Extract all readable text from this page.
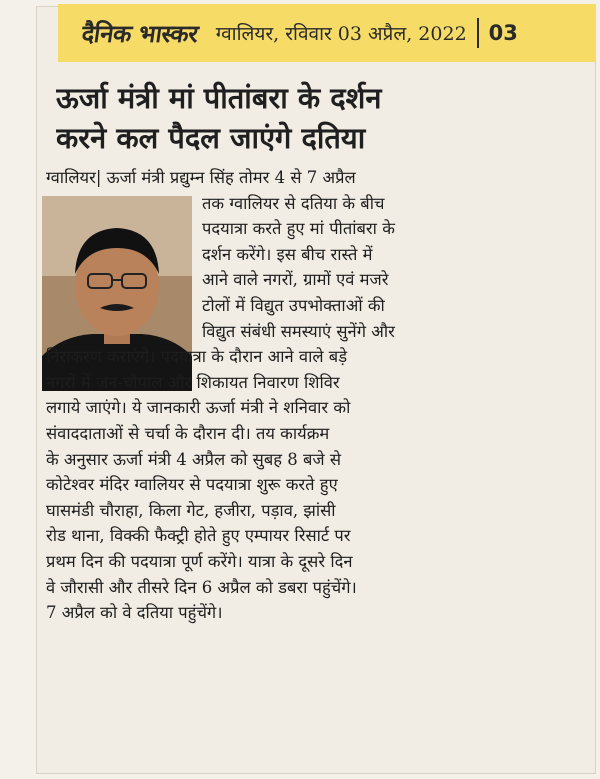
दैनिक भास्कर ग्वालियर, रविवार 03 अप्रैल, 2022 03
ऊर्जा मंत्री मां पीतांबरा के दर्शन
करने कल पैदल जाएंगे दतिया
ग्वालियर| ऊर्जा मंत्री प्रद्युम्न सिंह तोमर 4 से 7 अप्रैल
तक ग्वालियर से दतिया के बीच
पदयात्रा करते हुए मां पीतांबरा के
दर्शन करेंगे। इस बीच रास्ते में
आने वाले नगरों, ग्रामों एवं मजरे
टोलों में विद्युत उपभोक्ताओं की
विद्युत संबंधी समस्याएं सुनेंगे और
निराकरण कराएंगे। पदयात्रा के दौरान आने वाले बड़े
नगरों में जन-चौपाल और शिकायत निवारण शिविर
लगाये जाएंगे। ये जानकारी ऊर्जा मंत्री ने शनिवार को
संवाददाताओं से चर्चा के दौरान दी। तय कार्यक्रम
के अनुसार ऊर्जा मंत्री 4 अप्रैल को सुबह 8 बजे से
कोटेश्वर मंदिर ग्वालियर से पदयात्रा शुरू करते हुए
घासमंडी चौराहा, किला गेट, हजीरा, पड़ाव, झांसी
रोड थाना, विक्की फैक्ट्री होते हुए एम्पायर रिसार्ट पर
प्रथम दिन की पदयात्रा पूर्ण करेंगे। यात्रा के दूसरे दिन
वे जौरासी और तीसरे दिन 6 अप्रैल को डबरा पहुंचेंगे।
7 अप्रैल को वे दतिया पहुंचेंगे।
